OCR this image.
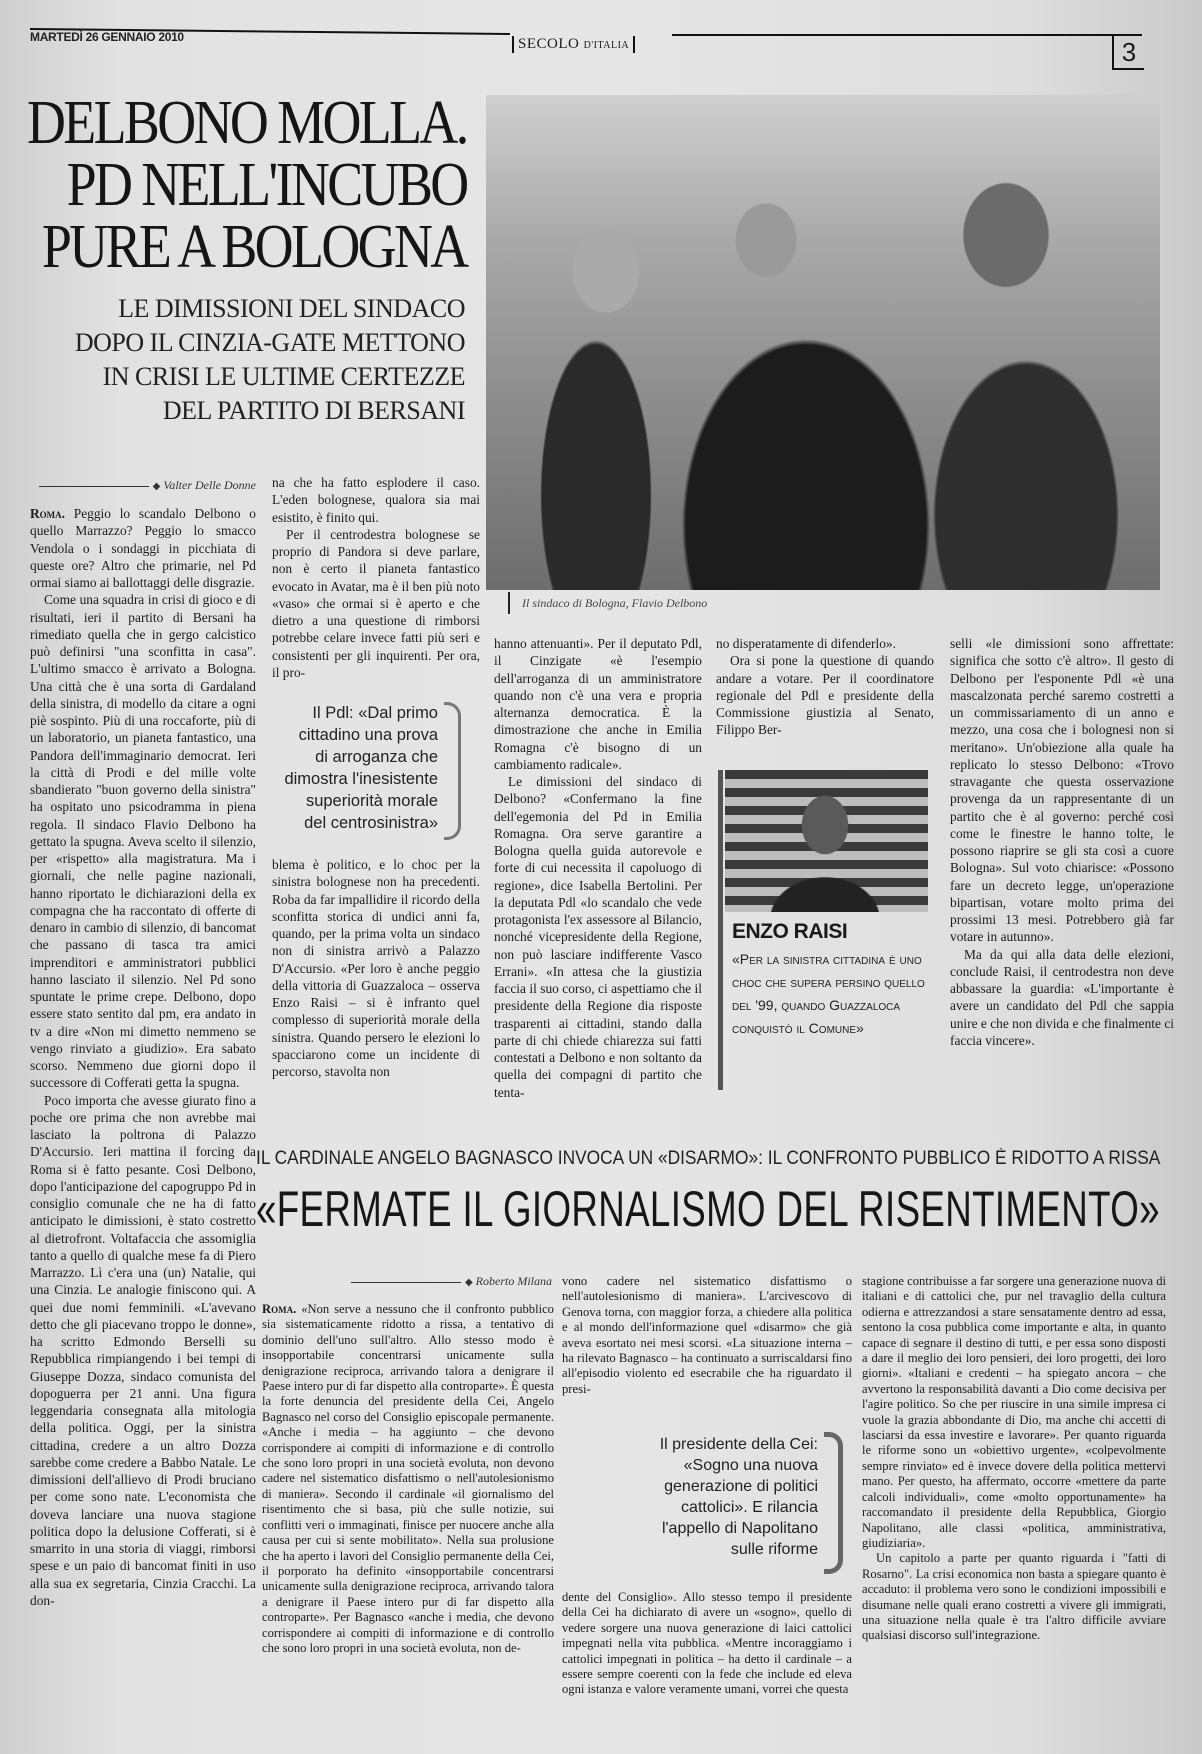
MARTEDÌ 26 GENNAIO 2010	SECOLO D'ITALIA	3
DELBONO MOLLA.
PD NELL'INCUBO
PURE A BOLOGNA
LE DIMISSIONI DEL SINDACO
DOPO IL CINZIA-GATE METTONO
IN CRISI LE ULTIME CERTEZZE
DEL PARTITO DI BERSANI
Il sindaco di Bologna, Flavio Delbono
◆ Valter Delle Donne

Roma. Peggio lo scandalo Delbono o quello Marrazzo? Peggio lo smacco Vendola o i sondaggi in picchiata di queste ore? Altro che primarie, nel Pd ormai siamo ai ballottaggi delle disgrazie.

Come una squadra in crisi di gioco e di risultati, ieri il partito di Bersani ha rimediato quella che in gergo calcistico può definirsi "una sconfitta in casa". L'ultimo smacco è arrivato a Bologna. Una città che è una sorta di Gardaland della sinistra, di modello da citare a ogni piè sospinto. Più di una roccaforte, più di un laboratorio, un pianeta fantastico, una Pandora dell'immaginario democrat. Ieri la città di Prodi e del mille volte sbandierato "buon governo della sinistra" ha ospitato uno psicodramma in piena regola. Il sindaco Flavio Delbono ha gettato la spugna. Aveva scelto il silenzio, per «rispetto» alla magistratura. Ma i giornali, che nelle pagine nazionali, hanno riportato le dichiarazioni della ex compagna che ha raccontato di offerte di denaro in cambio di silenzio, di bancomat che passano di tasca tra amici imprenditori e amministratori pubblici hanno lasciato il silenzio. Nel Pd sono spuntate le prime crepe. Delbono, dopo essere stato sentito dal pm, era andato in tv a dire «Non mi dimetto nemmeno se vengo rinviato a giudizio». Era sabato scorso. Nemmeno due giorni dopo il successore di Cofferati getta la spugna.

Poco importa che avesse giurato fino a poche ore prima che non avrebbe mai lasciato la poltrona di Palazzo D'Accursio. Ieri mattina il forcing da Roma si è fatto pesante. Così Delbono, dopo l'anticipazione del capogruppo Pd in consiglio comunale che ne ha di fatto anticipato le dimissioni, è stato costretto al dietrofront. Voltafaccia che assomiglia tanto a quello di qualche mese fa di Piero Marrazzo. Lì c'era una (un) Natalie, qui una Cinzia. Le analogie finiscono qui. A quei due nomi femminili. «L'avevano detto che gli piacevano troppo le donne», ha scritto Edmondo Berselli su Repubblica rimpiangendo i bei tempi di Giuseppe Dozza, sindaco comunista del dopoguerra per 21 anni. Una figura leggendaria consegnata alla mitologia della politica. Oggi, per la sinistra cittadina, credere a un altro Dozza sarebbe come credere a Babbo Natale. Le dimissioni dell'allievo di Prodi bruciano per come sono nate. L'economista che doveva lanciare una nuova stagione politica dopo la delusione Cofferati, si è smarrito in una storia di viaggi, rimborsi spese e un paio di bancomat finiti in uso alla sua ex segretaria, Cinzia Cracchi. La don-

na che ha fatto esplodere il caso. L'eden bolognese, qualora sia mai esistito, è finito qui.

Per il centrodestra bolognese se proprio di Pandora si deve parlare, non è certo il pianeta fantastico evocato in Avatar, ma è il ben più noto «vaso» che ormai si è aperto e che dietro a una questione di rimborsi potrebbe celare invece fatti più seri e consistenti per gli inquirenti. Per ora, il pro-

Il Pdl: «Dal primo
cittadino una prova
di arroganza che
dimostra l'inesistente
superiorità morale
del centrosinistra»

blema è politico, e lo choc per la sinistra bolognese non ha precedenti. Roba da far impallidire il ricordo della sconfitta storica di undici anni fa, quando, per la prima volta un sindaco non di sinistra arrivò a Palazzo D'Accursio. «Per loro è anche peggio della vittoria di Guazzaloca – osserva Enzo Raisi – si è infranto quel complesso di superiorità morale della sinistra. Quando persero le elezioni lo spacciarono come un incidente di percorso, stavolta non

hanno attenuanti». Per il deputato Pdl, il Cinzigate «è l'esempio dell'arroganza di un amministratore quando non c'è una vera e propria alternanza democratica. È la dimostrazione che anche in Emilia Romagna c'è bisogno di un cambiamento radicale».

Le dimissioni del sindaco di Delbono? «Confermano la fine dell'egemonia del Pd in Emilia Romagna. Ora serve garantire a Bologna quella guida autorevole e forte di cui necessita il capoluogo di regione», dice Isabella Bertolini. Per la deputata Pdl «lo scandalo che vede protagonista l'ex assessore al Bilancio, nonché vicepresidente della Regione, non può lasciare indifferente Vasco Errani». «In attesa che la giustizia faccia il suo corso, ci aspettiamo che il presidente della Regione dia risposte trasparenti ai cittadini, stando dalla parte di chi chiede chiarezza sui fatti contestati a Delbono e non soltanto da quella dei compagni di partito che tenta-

no disperatamente di difenderlo».

Ora si pone la questione di quando andare a votare. Per il coordinatore regionale del Pdl e presidente della Commissione giustizia al Senato, Filippo Ber-

ENZO RAISI
«Per la sinistra cittadina è uno choc che supera persino quello del '99, quando Guazzaloca conquistò il Comune»

selli «le dimissioni sono affrettate: significa che sotto c'è altro». Il gesto di Delbono per l'esponente Pdl «è una mascalzonata perché saremo costretti a un commissariamento di un anno e mezzo, una cosa che i bolognesi non si meritano». Un'obiezione alla quale ha replicato lo stesso Delbono: «Trovo stravagante che questa osservazione provenga da un rappresentante di un partito che è al governo: perché così come le finestre le hanno tolte, le possono riaprire se gli sta così a cuore Bologna». Sul voto chiarisce: «Possono fare un decreto legge, un'operazione bipartisan, votare molto prima dei prossimi 13 mesi. Potrebbero già far votare in autunno».

Ma da qui alla data delle elezioni, conclude Raisi, il centrodestra non deve abbassare la guardia: «L'importante è avere un candidato del Pdl che sappia unire e che non divida e che finalmente ci faccia vincere».

IL CARDINALE ANGELO BAGNASCO INVOCA UN «DISARMO»: IL CONFRONTO PUBBLICO È RIDOTTO A RISSA
«FERMATE IL GIORNALISMO DEL RISENTIMENTO»
◆ Roberto Milana

Roma. «Non serve a nessuno che il confronto pubblico sia sistematicamente ridotto a rissa, a tentativo di dominio dell'uno sull'altro. Allo stesso modo è insopportabile concentrarsi unicamente sulla denigrazione reciproca, arrivando talora a denigrare il Paese intero pur di far dispetto alla controparte». È questa la forte denuncia del presidente della Cei, Angelo Bagnasco nel corso del Consiglio episcopale permanente. «Anche i media – ha aggiunto – che devono corrispondere ai compiti di informazione e di controllo che sono loro propri in una società evoluta, non devono cadere nel sistematico disfattismo o nell'autolesionismo di maniera». Secondo il cardinale «il giornalismo del risentimento che si basa, più che sulle notizie, sui conflitti veri o immaginati, finisce per nuocere anche alla causa per cui si sente mobilitato». Nella sua prolusione che ha aperto i lavori del Consiglio permanente della Cei, il porporato ha definito «insopportabile concentrarsi unicamente sulla denigrazione reciproca, arrivando talora a denigrare il Paese intero pur di far dispetto alla controparte». Per Bagnasco «anche i media, che devono corrispondere ai compiti di informazione e di controllo che sono loro propri in una società evoluta, non de-

vono cadere nel sistematico disfattismo o nell'autolesionismo di maniera». L'arcivescovo di Genova torna, con maggior forza, a chiedere alla politica e al mondo dell'informazione quel «disarmo» che già aveva esortato nei mesi scorsi. «La situazione interna – ha rilevato Bagnasco – ha continuato a surriscaldarsi fino all'episodio violento ed esecrabile che ha riguardato il presi-

Il presidente della Cei:
«Sogno una nuova
generazione di politici
cattolici». E rilancia
l'appello di Napolitano
sulle riforme

dente del Consiglio». Allo stesso tempo il presidente della Cei ha dichiarato di avere un «sogno», quello di vedere sorgere una nuova generazione di laici cattolici impegnati nella vita pubblica. «Mentre incoraggiamo i cattolici impegnati in politica – ha detto il cardinale – a essere sempre coerenti con la fede che include ed eleva ogni istanza e valore veramente umani, vorrei che questa

stagione contribuisse a far sorgere una generazione nuova di italiani e di cattolici che, pur nel travaglio della cultura odierna e attrezzandosi a stare sensatamente dentro ad essa, sentono la cosa pubblica come importante e alta, in quanto capace di segnare il destino di tutti, e per essa sono disposti a dare il meglio dei loro pensieri, dei loro progetti, dei loro giorni». «Italiani e credenti – ha spiegato ancora – che avvertono la responsabilità davanti a Dio come decisiva per l'agire politico. So che per riuscire in una simile impresa ci vuole la grazia abbondante di Dio, ma anche chi accetti di lasciarsi da essa investire e lavorare». Per quanto riguarda le riforme sono un «obiettivo urgente», «colpevolmente sempre rinviato» ed è invece dovere della politica mettervi mano. Per questo, ha affermato, occorre «mettere da parte calcoli individuali», come «molto opportunamente» ha raccomandato il presidente della Repubblica, Giorgio Napolitano, alle classi «politica, amministrativa, giudiziaria».

Un capitolo a parte per quanto riguarda i "fatti di Rosarno". La crisi economica non basta a spiegare quanto è accaduto: il problema vero sono le condizioni impossibili e disumane nelle quali erano costretti a vivere gli immigrati, una situazione nella quale è tra l'altro difficile avviare qualsiasi discorso sull'integrazione.
